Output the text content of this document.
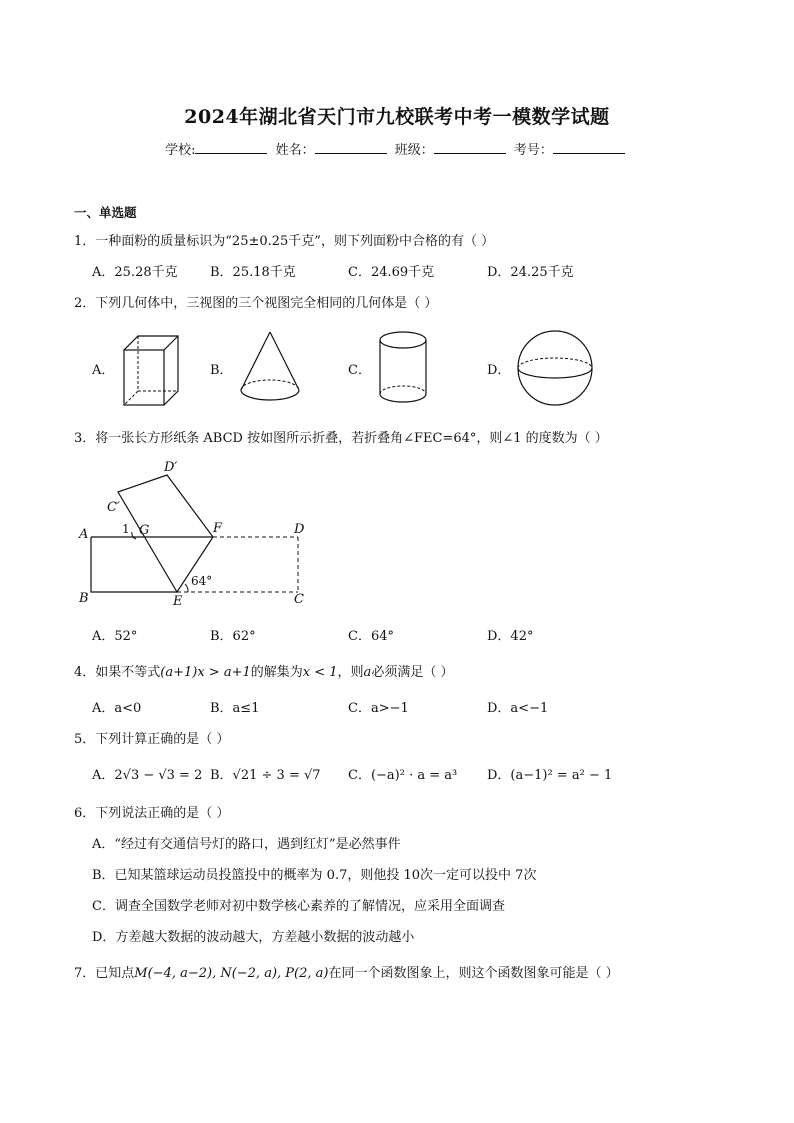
2024年湖北省天门市九校联考中考一模数学试题
学校:	姓名：	班级：	考号：
一、单选题
1．一种面粉的质量标识为“25±0.25千克”，则下列面粉中合格的有（ ）
A．25.28千克 B．25.18千克	C．24.69千克	D．24.25千克
2．下列几何体中，三视图的三个视图完全相同的几何体是（ ）
A．	B．	C．	D．
3．将一张长方形纸条 ABCD 按如图所示折叠，若折叠角∠FEC=64°，则∠1 的度数为（ ）
A
B	E	C
D
F
G
C′
D′
1
64°
A．52°	B．62°	C．64°	D．42°
4．如果不等式(a+1)x > a+1的解集为x < 1，则a必须满足（ ）
A．a<0	B．a≤1	C．a>−1	D．a<−1
5．下列计算正确的是（ ）
A．2√3 − √3 = 2 B．√21 ÷ 3 = √7 C．(−a)² · a = a³ D．(a−1)² = a² − 1
6．下列说法正确的是（ ）
A．“经过有交通信号灯的路口，遇到红灯”是必然事件
B．已知某篮球运动员投篮投中的概率为 0.7，则他投 10次一定可以投中 7次
C．调查全国数学老师对初中数学核心素养的了解情况，应采用全面调查
D．方差越大数据的波动越大，方差越小数据的波动越小
7．已知点M(−4, a−2), N(−2, a), P(2, a)在同一个函数图象上，则这个函数图象可能是（ ）
